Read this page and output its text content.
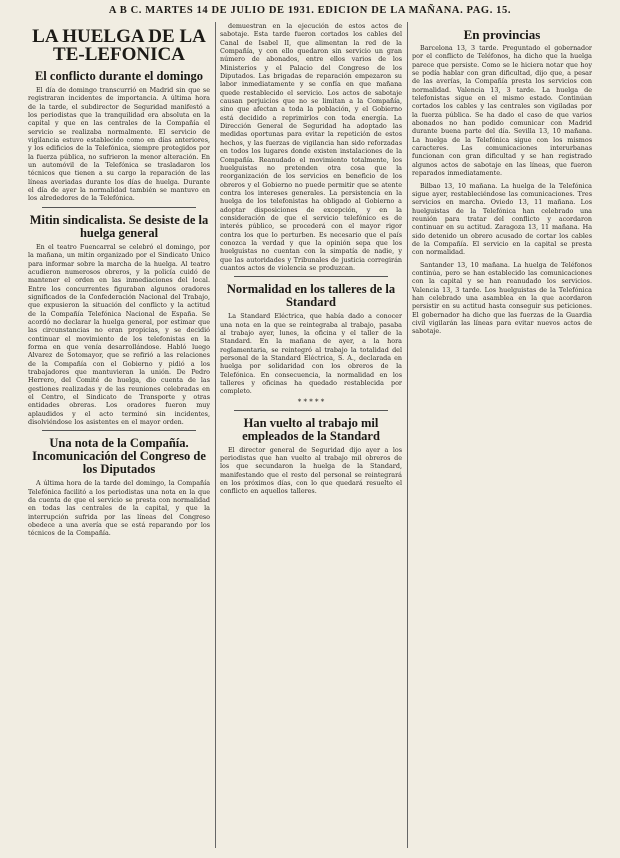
A B C. MARTES 14 DE JULIO DE 1931. EDICION DE LA MAÑANA. PAG. 15.
LA HUELGA DE LA TE-LEFONICA
El conflicto durante el domingo

El día de domingo transcurrió en Madrid sin que se registraran incidentes de importancia. A última hora de la tarde, el subdirector de Seguridad manifestó a los periodistas que la tranquilidad era absoluta en la capital y que en las centrales de la Compañía el servicio se realizaba normalmente. El servicio de vigilancia estuvo establecido como en días anteriores, y los edificios de la Telefónica, siempre protegidos por la fuerza pública, no sufrieron la menor alteración. En un automóvil de la Telefónica se trasladaron los técnicos que tienen a su cargo la reparación de las líneas averiadas durante los días de huelga. Durante el día de ayer la normalidad también se mantuvo en los alrededores de la Telefónica.

Mitin sindicalista. Se desiste de la huelga general

En el teatro Fuencarral se celebró el domingo, por la mañana, un mitin organizado por el Sindicato Unico para informar sobre la marcha de la huelga. Al teatro acudieron numerosos obreros, y la policía cuidó de mantener el orden en las inmediaciones del local. Entre los concurrentes figuraban algunos oradores significados de la Confederación Nacional del Trabajo, que expusieron la situación del conflicto y la actitud de la Compañía Telefónica Nacional de España. Se acordó no declarar la huelga general, por estimar que las circunstancias no eran propicias, y se decidió continuar el movimiento de los telefonistas en la forma en que venía desarrollándose. Habló luego Alvarez de Sotomayor, que se refirió a las relaciones de la Compañía con el Gobierno y pidió a los trabajadores que mantuvieran la unión. De Pedro Herrero, del Comité de huelga, dio cuenta de las gestiones realizadas y de las reuniones celebradas en el Centro, el Sindicato de Transporte y otras entidades obreras. Los oradores fueron muy aplaudidos y el acto terminó sin incidentes, disolviéndose los asistentes en el mayor orden.

Una nota de la Compañía. Incomunicación del Congreso de los Diputados

A última hora de la tarde del domingo, la Compañía Telefónica facilitó a los periodistas una nota en la que da cuenta de que el servicio se presta con normalidad en todas las centrales de la capital, y que la interrupción sufrida por las líneas del Congreso obedece a una avería que se está reparando por los técnicos de la Compañía.

demuestran en la ejecución de estos actos de sabotaje. Esta tarde fueron cortados los cables del Canal de Isabel II, que alimentan la red de la Compañía, y con ello quedaron sin servicio un gran número de abonados, entre ellos varios de los Ministerios y el Palacio del Congreso de los Diputados. Las brigadas de reparación empezaron su labor inmediatamente y se confía en que mañana quede restablecido el servicio. Los actos de sabotaje causan perjuicios que no se limitan a la Compañía, sino que afectan a toda la población, y el Gobierno está decidido a reprimirlos con toda energía. La Dirección General de Seguridad ha adoptado las medidas oportunas para evitar la repetición de estos hechos, y las fuerzas de vigilancia han sido reforzadas en todos los lugares donde existen instalaciones de la Compañía. Reanudado el movimiento totalmente, los huelguistas no pretenden otra cosa que la reorganización de los servicios en beneficio de los obreros y el Gobierno no puede permitir que se atente contra los intereses generales. La persistencia en la huelga de los telefonistas ha obligado al Gobierno a adoptar disposiciones de excepción, y en la consideración de que el servicio telefónico es de interés público, se procederá con el mayor rigor contra los que lo perturben. Es necesario que el país conozca la verdad y que la opinión sepa que los huelguistas no cuentan con la simpatía de nadie, y que las autoridades y Tribunales de justicia corregirán cuantos actos de violencia se produzcan.

Normalidad en los talleres de la Standard

La Standard Eléctrica, que había dado a conocer una nota en la que se reintegraba al trabajo, pasaba al trabajo ayer, lunes, la oficina y el taller de la Standard. En la mañana de ayer, a la hora reglamentaria, se reintegró al trabajo la totalidad del personal de la Standard Eléctrica, S. A., declarada en huelga por solidaridad con los obreros de la Telefónica. En consecuencia, la normalidad en los talleres y oficinas ha quedado restablecida por completo.

* * * * *
Han vuelto al trabajo mil empleados de la Standard

El director general de Seguridad dijo ayer a los periodistas que han vuelto al trabajo mil obreros de los que secundaron la huelga de la Standard, manifestando que el resto del personal se reintegrará en los próximos días, con lo que quedará resuelto el conflicto en aquellos talleres.

En provincias

Barcelona 13, 3 tarde. Preguntado el gobernador por el conflicto de Teléfonos, ha dicho que la huelga parece que persiste. Como se le hiciera notar que hoy se podía hablar con gran dificultad, dijo que, a pesar de las averías, la Compañía presta los servicios con normalidad. Valencia 13, 3 tarde. La huelga de telefonistas sigue en el mismo estado. Continúan cortados los cables y las centrales son vigiladas por la fuerza pública. Se ha dado el caso de que varios abonados no han podido comunicar con Madrid durante buena parte del día. Sevilla 13, 10 mañana. La huelga de la Telefónica sigue con los mismos caracteres. Las comunicaciones interurbanas funcionan con gran dificultad y se han registrado algunos actos de sabotaje en las líneas, que fueron reparados inmediatamente.

Bilbao 13, 10 mañana. La huelga de la Telefónica sigue ayer, restableciéndose las comunicaciones. Tres servicios en marcha. Oviedo 13, 11 mañana. Los huelguistas de la Telefónica han celebrado una reunión para tratar del conflicto y acordaron continuar en su actitud. Zaragoza 13, 11 mañana. Ha sido detenido un obrero acusado de cortar los cables de la Compañía. El servicio en la capital se presta con normalidad.

Santander 13, 10 mañana. La huelga de Teléfonos continúa, pero se han establecido las comunicaciones con la capital y se han reanudado los servicios. Valencia 13, 3 tarde. Los huelguistas de la Telefónica han celebrado una asamblea en la que acordaron persistir en su actitud hasta conseguir sus peticiones. El gobernador ha dicho que las fuerzas de la Guardia civil vigilarán las líneas para evitar nuevos actos de sabotaje.
